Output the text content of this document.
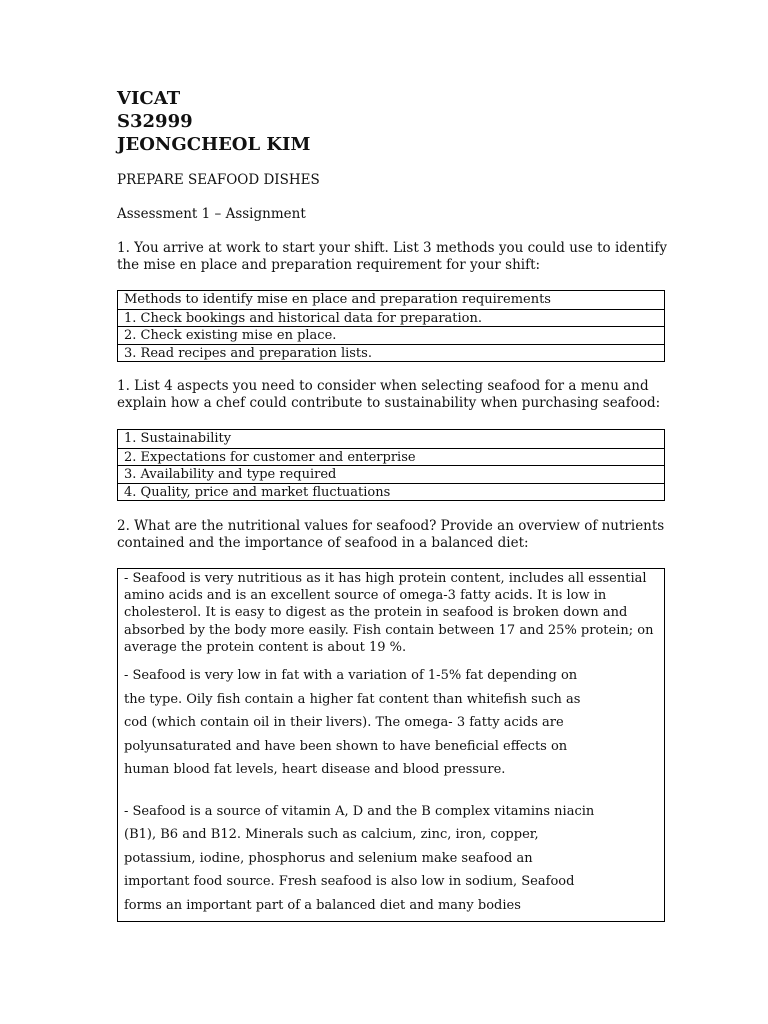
VICAT
S32999
JEONGCHEOL KIM
PREPARE SEAFOOD DISHES
Assessment 1 – Assignment
1. You arrive at work to start your shift. List 3 methods you could use to identify
the mise en place and preparation requirement for your shift:
Methods to identify mise en place and preparation requirements
1. Check bookings and historical data for preparation.
2. Check existing mise en place.
3. Read recipes and preparation lists.
1. List 4 aspects you need to consider when selecting seafood for a menu and
explain how a chef could contribute to sustainability when purchasing seafood:
1. Sustainability
2. Expectations for customer and enterprise
3. Availability and type required
4. Quality, price and market fluctuations
2. What are the nutritional values for seafood? Provide an overview of nutrients
contained and the importance of seafood in a balanced diet:
- Seafood is very nutritious as it has high protein content, includes all essential
amino acids and is an excellent source of omega-3 fatty acids. It is low in
cholesterol. It is easy to digest as the protein in seafood is broken down and
absorbed by the body more easily. Fish contain between 17 and 25% protein; on
average the protein content is about 19 %.
- Seafood is very low in fat with a variation of 1-5% fat depending on
the type. Oily fish contain a higher fat content than whitefish such as
cod (which contain oil in their livers). The omega- 3 fatty acids are
polyunsaturated and have been shown to have beneficial effects on
human blood fat levels, heart disease and blood pressure.
- Seafood is a source of vitamin A, D and the B complex vitamins niacin
(B1), B6 and B12. Minerals such as calcium, zinc, iron, copper,
potassium, iodine, phosphorus and selenium make seafood an
important food source. Fresh seafood is also low in sodium, Seafood
forms an important part of a balanced diet and many bodies
